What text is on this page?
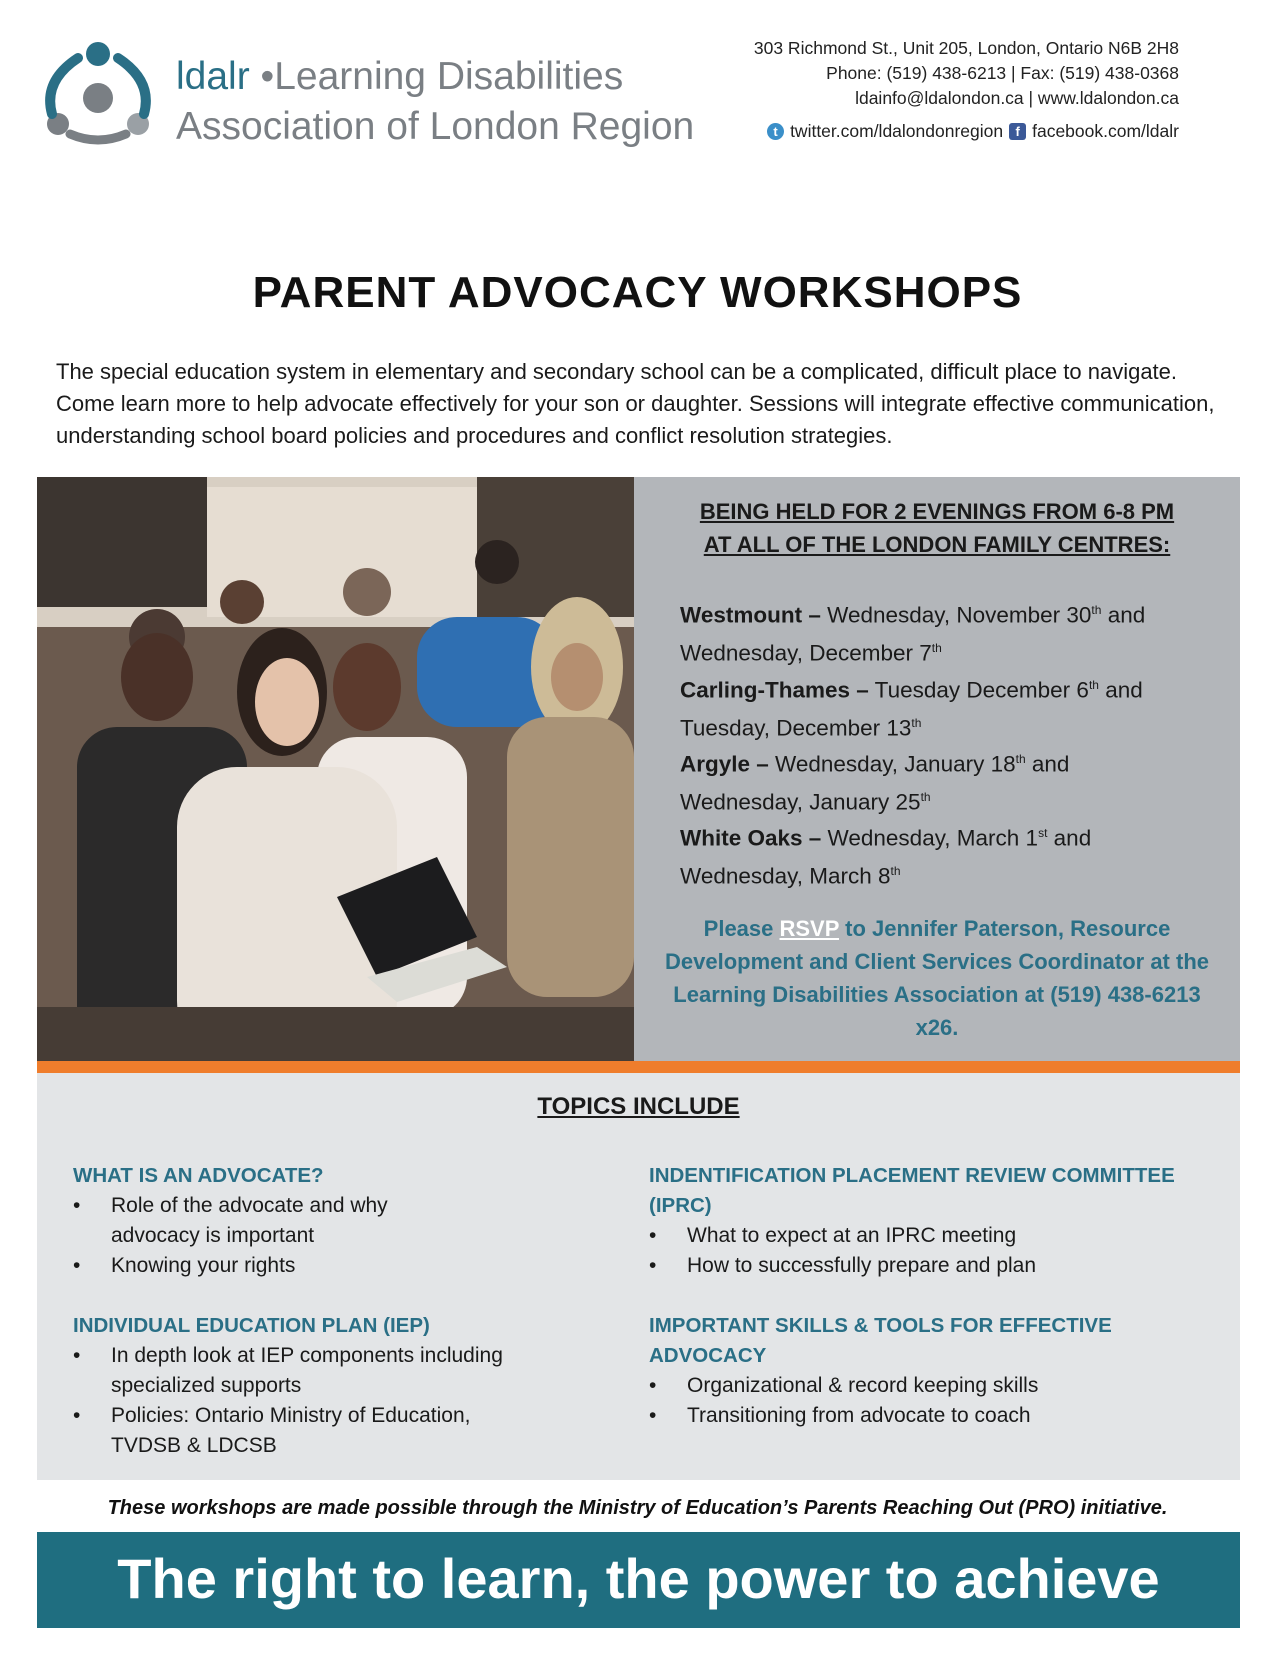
ldalr •Learning Disabilities
Association of London Region
303 Richmond St., Unit 205, London, Ontario N6B 2H8
Phone: (519) 438-6213 | Fax: (519) 438-0368
ldainfo@ldalondon.ca | www.ldalondon.ca
t twitter.com/ldalondonregion f facebook.com/ldalr
PARENT ADVOCACY WORKSHOPS
The special education system in elementary and secondary school can be a complicated, difficult place to navigate. Come learn more to help advocate effectively for your son or daughter. Sessions will integrate effective communication, understanding school board policies and procedures and conflict resolution strategies.
BEING HELD FOR 2 EVENINGS FROM 6-8 PM
AT ALL OF THE LONDON FAMILY CENTRES:
Westmount – Wednesday, November 30th and
Wednesday, December 7th
Carling-Thames – Tuesday December 6th and
Tuesday, December 13th
Argyle – Wednesday, January 18th and
Wednesday, January 25th
White Oaks – Wednesday, March 1st and
Wednesday, March 8th
Please RSVP to Jennifer Paterson, Resource Development and Client Services Coordinator at the Learning Disabilities Association at (519) 438-6213 x26.
TOPICS INCLUDE
WHAT IS AN ADVOCATE?
• Role of the advocate and why advocacy is important
• Knowing your rights
INDIVIDUAL EDUCATION PLAN (IEP)
• In depth look at IEP components including specialized supports
• Policies: Ontario Ministry of Education, TVDSB & LDCSB
INDENTIFICATION PLACEMENT REVIEW COMMITTEE (IPRC)
• What to expect at an IPRC meeting
• How to successfully prepare and plan
IMPORTANT SKILLS & TOOLS FOR EFFECTIVE ADVOCACY
• Organizational & record keeping skills
• Transitioning from advocate to coach
These workshops are made possible through the Ministry of Education’s Parents Reaching Out (PRO) initiative.
The right to learn, the power to achieve
